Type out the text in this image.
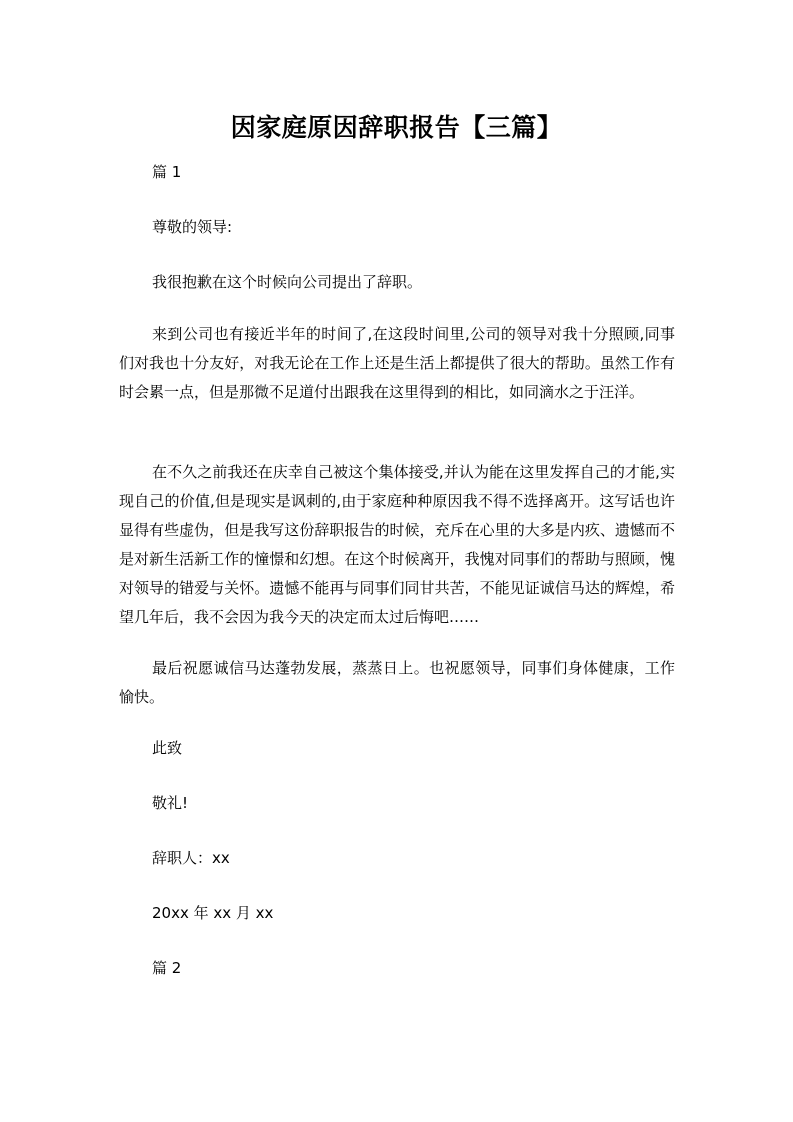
因家庭原因辞职报告【三篇】

篇 1

尊敬的领导:

我很抱歉在这个时候向公司提出了辞职。

来到公司也有接近半年的时间了,在这段时间里,公司的领导对我十分照顾,同事们对我也十分友好，对我无论在工作上还是生活上都提供了很大的帮助。虽然工作有时会累一点，但是那微不足道付出跟我在这里得到的相比，如同滴水之于汪洋。

在不久之前我还在庆幸自己被这个集体接受,并认为能在这里发挥自己的才能,实现自己的价值,但是现实是讽刺的,由于家庭种种原因我不得不选择离开。这写话也许显得有些虚伪，但是我写这份辞职报告的时候，充斥在心里的大多是内疚、遗憾而不是对新生活新工作的憧憬和幻想。在这个时候离开，我愧对同事们的帮助与照顾，愧对领导的错爱与关怀。遗憾不能再与同事们同甘共苦，不能见证诚信马达的辉煌，希望几年后，我不会因为我今天的决定而太过后悔吧……

最后祝愿诚信马达蓬勃发展，蒸蒸日上。也祝愿领导，同事们身体健康，工作愉快。

此致

敬礼!

辞职人：xx

20xx 年 xx 月 xx

篇 2
